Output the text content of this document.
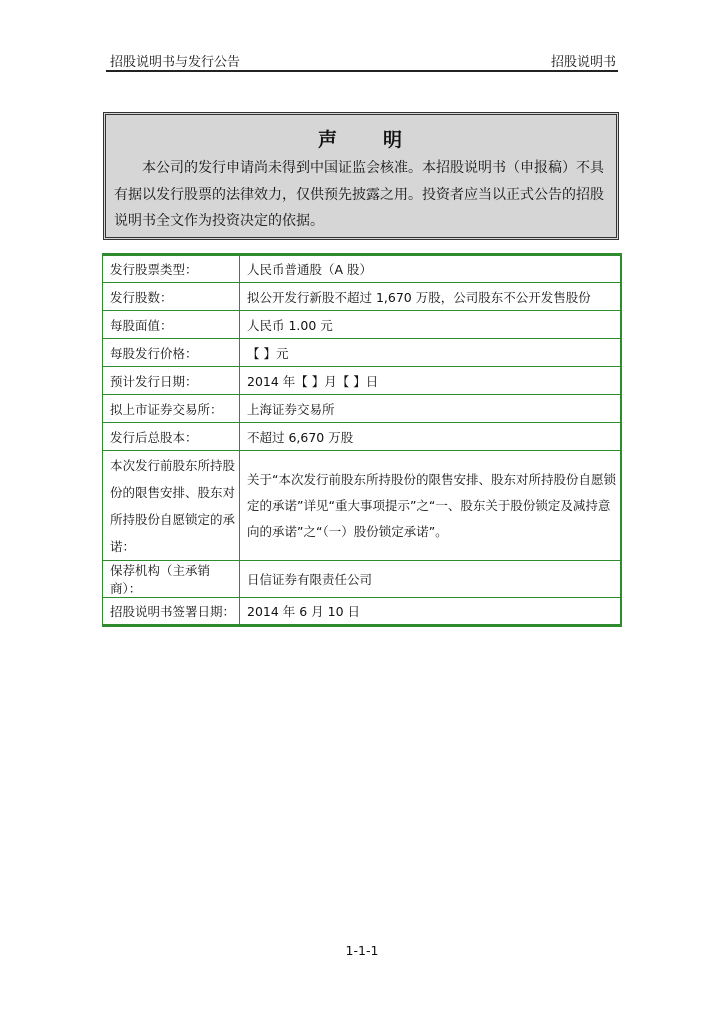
招股说明书与发行公告	招股说明书
声 明
本公司的发行申请尚未得到中国证监会核准。本招股说明书（申报稿）不具有据以发行股票的法律效力，仅供预先披露之用。投资者应当以正式公告的招股说明书全文作为投资决定的依据。
发行股票类型：	人民币普通股（A 股）
发行股数：	拟公开发行新股不超过 1,670 万股，公司股东不公开发售股份
每股面值：	人民币 1.00 元
每股发行价格：	【 】元
预计发行日期：	2014 年【 】月【 】日
拟上市证券交易所：	上海证券交易所
发行后总股本：	不超过 6,670 万股
本次发行前股东所持股份的限售安排、股东对所持股份自愿锁定的承诺：	关于“本次发行前股东所持股份的限售安排、股东对所持股份自愿锁定的承诺”详见“重大事项提示”之“一、股东关于股份锁定及减持意向的承诺”之“（一）股份锁定承诺”。
保荐机构（主承销商）：	日信证券有限责任公司
招股说明书签署日期：	2014 年 6 月 10 日
1-1-1
